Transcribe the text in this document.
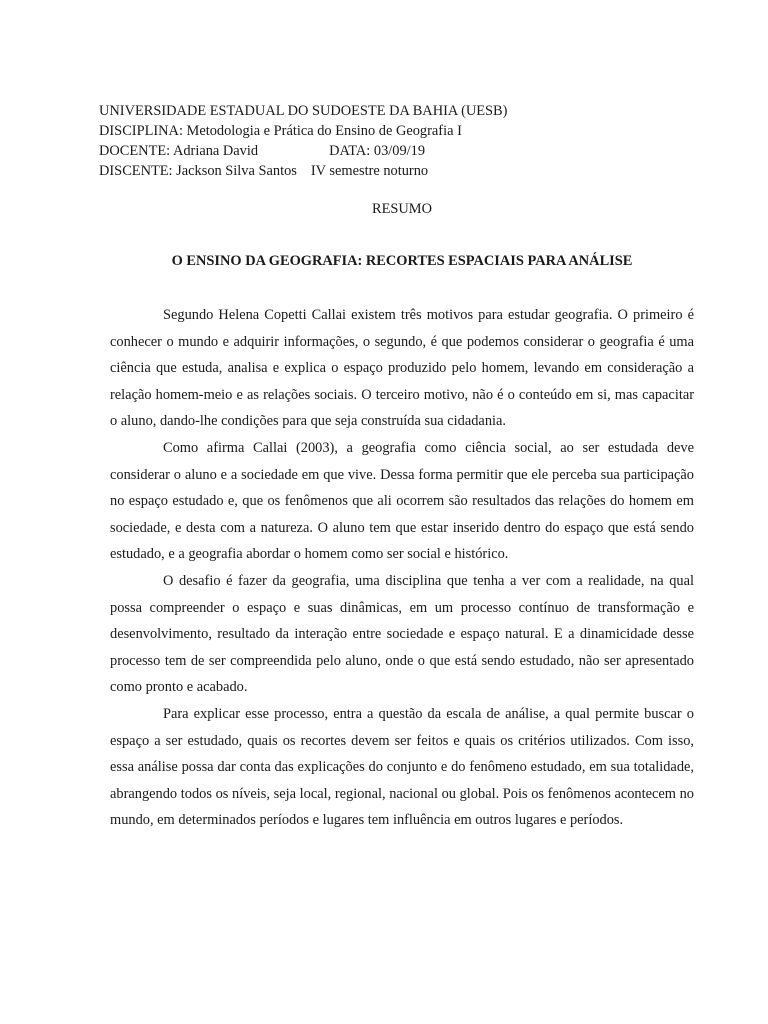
UNIVERSIDADE ESTADUAL DO SUDOESTE DA BAHIA (UESB)
DISCIPLINA: Metodologia e Prática do Ensino de Geografia I
DOCENTE: Adriana David	DATA: 03/09/19
DISCENTE: Jackson Silva Santos IV semestre noturno
RESUMO
O ENSINO DA GEOGRAFIA: RECORTES ESPACIAIS PARA ANÁLISE

Segundo Helena Copetti Callai existem três motivos para estudar geografia. O primeiro é conhecer o mundo e adquirir informações, o segundo, é que podemos considerar o geografia é uma ciência que estuda, analisa e explica o espaço produzido pelo homem, levando em consideração a relação homem-meio e as relações sociais. O terceiro motivo, não é o conteúdo em si, mas capacitar o aluno, dando-lhe condições para que seja construída sua cidadania.

Como afirma Callai (2003), a geografia como ciência social, ao ser estudada deve considerar o aluno e a sociedade em que vive. Dessa forma permitir que ele perceba sua participação no espaço estudado e, que os fenômenos que ali ocorrem são resultados das relações do homem em sociedade, e desta com a natureza. O aluno tem que estar inserido dentro do espaço que está sendo estudado, e a geografia abordar o homem como ser social e histórico.

O desafio é fazer da geografia, uma disciplina que tenha a ver com a realidade, na qual possa compreender o espaço e suas dinâmicas, em um processo contínuo de transformação e desenvolvimento, resultado da interação entre sociedade e espaço natural. E a dinamicidade desse processo tem de ser compreendida pelo aluno, onde o que está sendo estudado, não ser apresentado como pronto e acabado.

Para explicar esse processo, entra a questão da escala de análise, a qual permite buscar o espaço a ser estudado, quais os recortes devem ser feitos e quais os critérios utilizados. Com isso, essa análise possa dar conta das explicações do conjunto e do fenômeno estudado, em sua totalidade, abrangendo todos os níveis, seja local, regional, nacional ou global. Pois os fenômenos acontecem no mundo, em determinados períodos e lugares tem influência em outros lugares e períodos.
